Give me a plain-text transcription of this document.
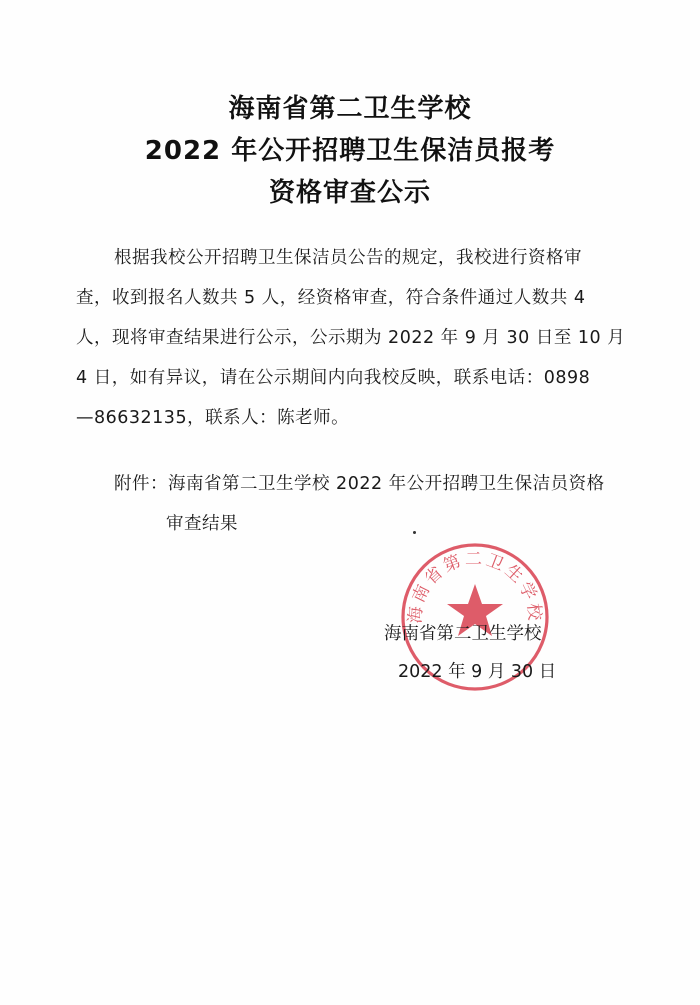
海南省第二卫生学校
2022 年公开招聘卫生保洁员报考
资格审查公示

根据我校公开招聘卫生保洁员公告的规定，我校进行资格审

查，收到报名人数共 5 人，经资格审查，符合条件通过人数共 4

人，现将审查结果进行公示，公示期为 2022 年 9 月 30 日至 10 月

4 日，如有异议，请在公示期间内向我校反映，联系电话：0898

—86632135，联系人：陈老师。

附件：海南省第二卫生学校 2022 年公开招聘卫生保洁员资格

审查结果

海南省第二卫生学校

海南省第二卫生学校

2022 年 9 月 30 日
